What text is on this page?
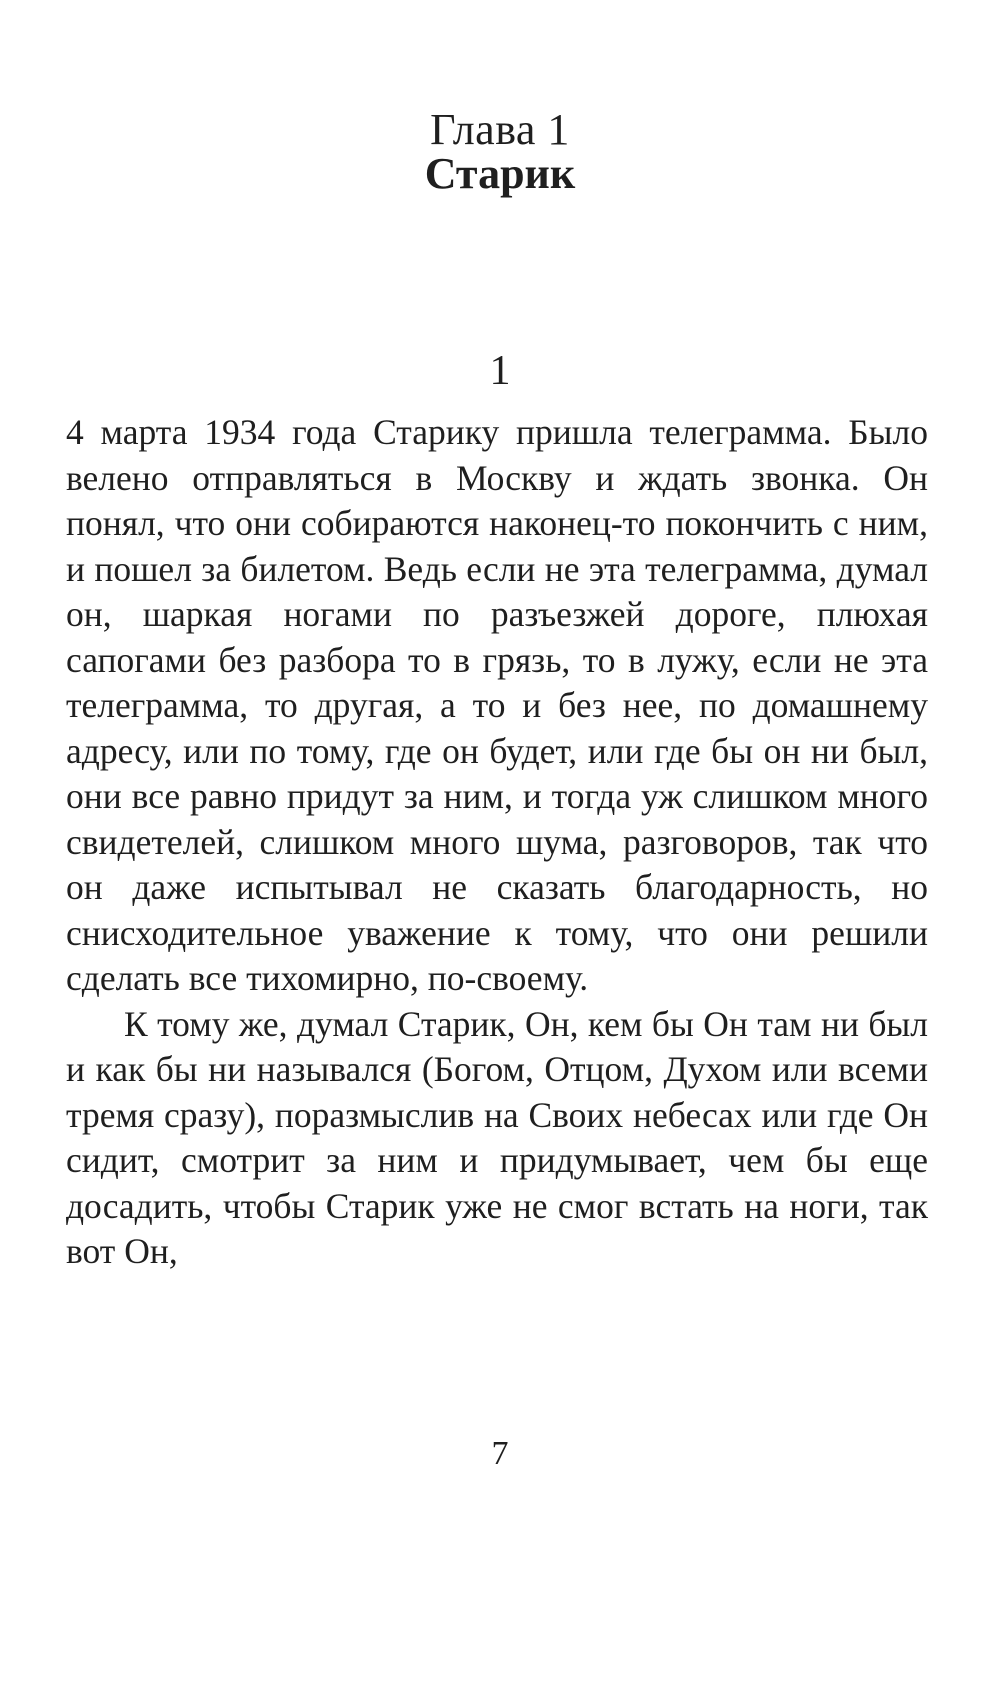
Глава 1
Старик
1

4 марта 1934 года Старику пришла телеграмма. Было велено отправляться в Москву и ждать звонка. Он понял, что они собираются наконец-то покончить с ним, и пошел за билетом. Ведь если не эта телеграмма, думал он, шаркая ногами по разъезжей дороге, плюхая сапогами без разбора то в грязь, то в лужу, если не эта телеграмма, то другая, а то и без нее, по домашнему адресу, или по тому, где он будет, или где бы он ни был, они все равно придут за ним, и тогда уж слишком много свидетелей, слишком много шума, разговоров, так что он даже испытывал не сказать благодарность, но снисходительное уважение к тому, что они решили сделать все тихомирно, по-своему.

К тому же, думал Старик, Он, кем бы Он там ни был и как бы ни назывался (Богом, Отцом, Духом или всеми тремя сразу), поразмыслив на Своих небесах или где Он сидит, смотрит за ним и придумывает, чем бы еще досадить, чтобы Старик уже не смог встать на ноги, так вот Он,

7
